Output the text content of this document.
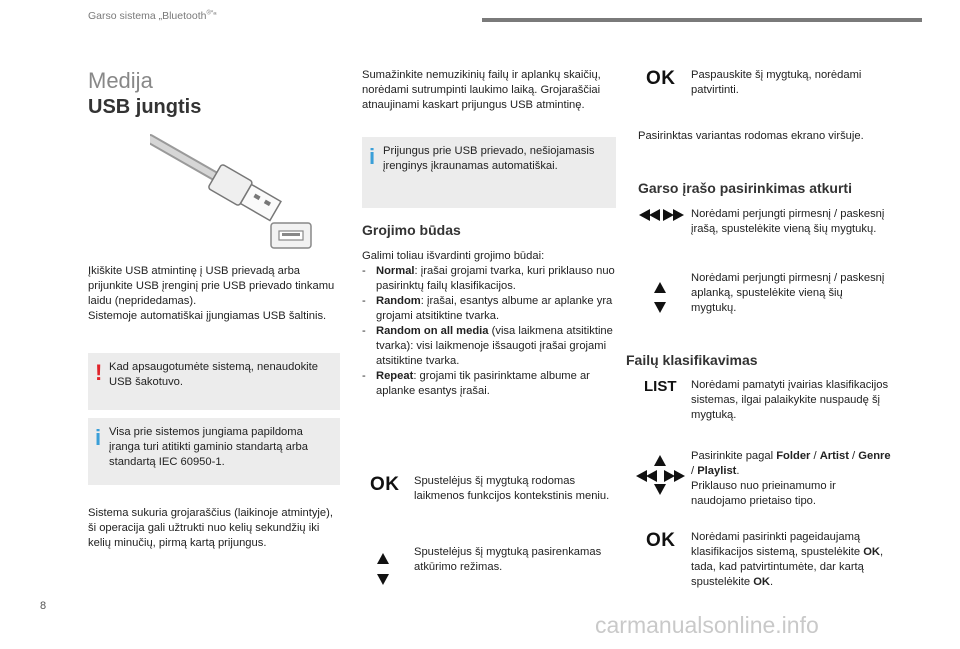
Garso sistema „Bluetooth®*“
Medija
USB jungtis
Įkiškite USB atmintinę į USB prievadą arba prijunkite USB įrenginį prie USB prievado tinkamu laidu (nepridedamas).
Sistemoje automatiškai įjungiamas USB šaltinis.
! Kad apsaugotumėte sistemą, nenaudokite USB šakotuvo.
i Visa prie sistemos jungiama papildoma įranga turi atitikti gaminio standartą arba standartą IEC 60950-1.
Sistema sukuria grojaraščius (laikinoje atmintyje), ši operacija gali užtrukti nuo kelių sekundžių iki kelių minučių, pirmą kartą prijungus.
Sumažinkite nemuzikinių failų ir aplankų skaičių, norėdami sutrumpinti laukimo laiką. Grojaraščiai atnaujinami kaskart prijungus USB atmintinę.
i Prijungus prie USB prievado, nešiojamasis įrenginys įkraunamas automatiškai.
Grojimo būdas
Galimi toliau išvardinti grojimo būdai:
- Normal: įrašai grojami tvarka, kuri priklauso nuo pasirinktų failų klasifikacijos.
- Random: įrašai, esantys albume ar aplanke yra grojami atsitiktine tvarka.
- Random on all media (visa laikmena atsitiktine tvarka): visi laikmenoje išsaugoti įrašai grojami atsitiktine tvarka.
- Repeat: grojami tik pasirinktame albume ar aplanke esantys įrašai.
OK Spustelėjus šį mygtuką rodomas laikmenos funkcijos kontekstinis meniu.
Spustelėjus šį mygtuką pasirenkamas atkūrimo režimas.
OK Paspauskite šį mygtuką, norėdami patvirtinti.
Pasirinktas variantas rodomas ekrano viršuje.
Garso įrašo pasirinkimas atkurti
Norėdami perjungti pirmesnį / paskesnį įrašą, spustelėkite vieną šių mygtukų.
Norėdami perjungti pirmesnį / paskesnį aplanką, spustelėkite vieną šių mygtukų.
Failų klasifikavimas
LIST Norėdami pamatyti įvairias klasifikacijos sistemas, ilgai palaikykite nuspaudę šį mygtuką.
Pasirinkite pagal Folder / Artist / Genre / Playlist.
Priklauso nuo prieinamumo ir naudojamo prietaiso tipo.
OK Norėdami pasirinkti pageidaujamą klasifikacijos sistemą, spustelėkite OK, tada, kad patvirtintumėte, dar kartą spustelėkite OK.
8
carmanualsonline.info
